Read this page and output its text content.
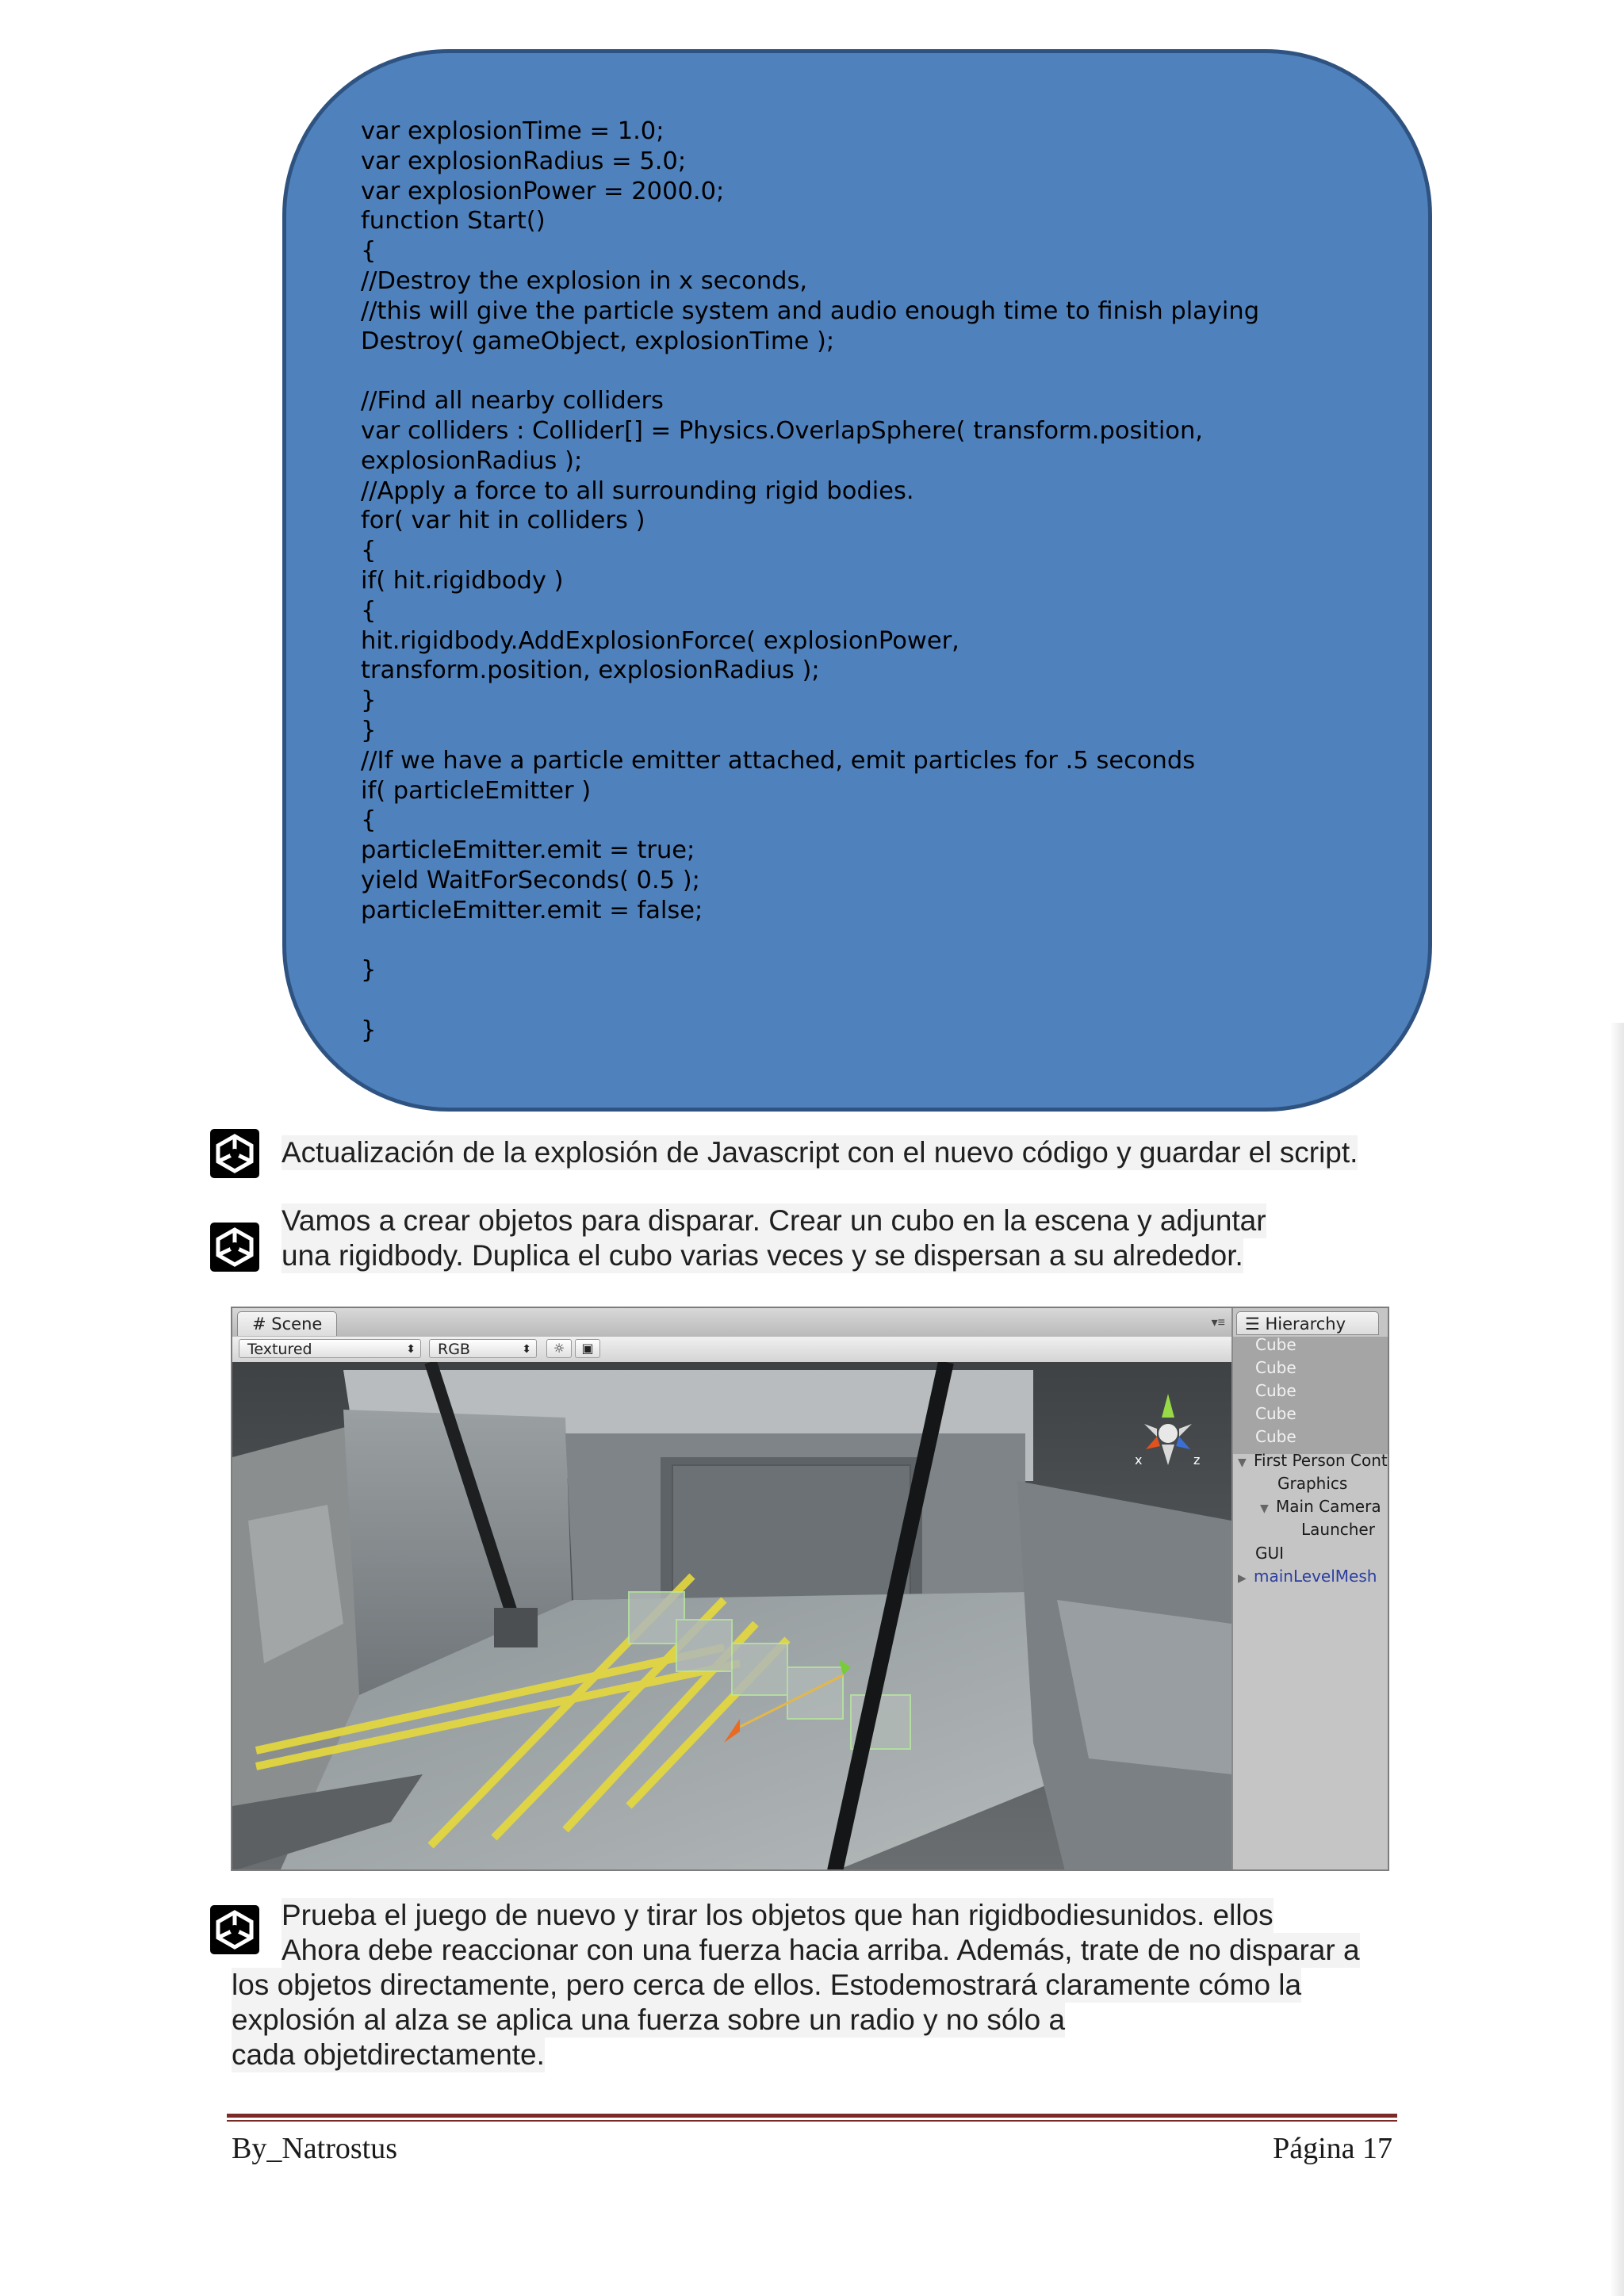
var explosionTime = 1.0;
var explosionRadius = 5.0;
var explosionPower = 2000.0;
function Start()
{
//Destroy the explosion in x seconds,
//this will give the particle system and audio enough time to finish playing
Destroy( gameObject, explosionTime );
//Find all nearby colliders
var colliders : Collider[] = Physics.OverlapSphere( transform.position,
explosionRadius );
//Apply a force to all surrounding rigid bodies.
for( var hit in colliders )
{
if( hit.rigidbody )
{
hit.rigidbody.AddExplosionForce( explosionPower,
transform.position, explosionRadius );
}
}
//If we have a particle emitter attached, emit particles for .5 seconds
if( particleEmitter )
{
particleEmitter.emit = true;
yield WaitForSeconds( 0.5 );
particleEmitter.emit = false;
}
}
Actualización de la explosión de Javascript con el nuevo código y guardar el script.
Vamos a crear objetos para disparar. Crear un cubo en la escena y adjuntar
una rigidbody. Duplica el cubo varias veces y se dispersan a su alrededor.
# Scene	▾≡
Textured	⬍	RGB	⬍	☼	▣
x	z
☰ Hierarchy
Cube
Cube
Cube
Cube
Cube
▼ First Person Cont
Graphics
▼ Main Camera
Launcher
GUI
▶ mainLevelMesh
Prueba el juego de nuevo y tirar los objetos que han rigidbodiesunidos. ellos
Ahora debe reaccionar con una fuerza hacia arriba. Además, trate de no disparar a
los objetos directamente, pero cerca de ellos. Estodemostrará claramente cómo la
explosión al alza se aplica una fuerza sobre un radio y no sólo a
cada objetdirectamente.
By_Natrostus	Página 17
